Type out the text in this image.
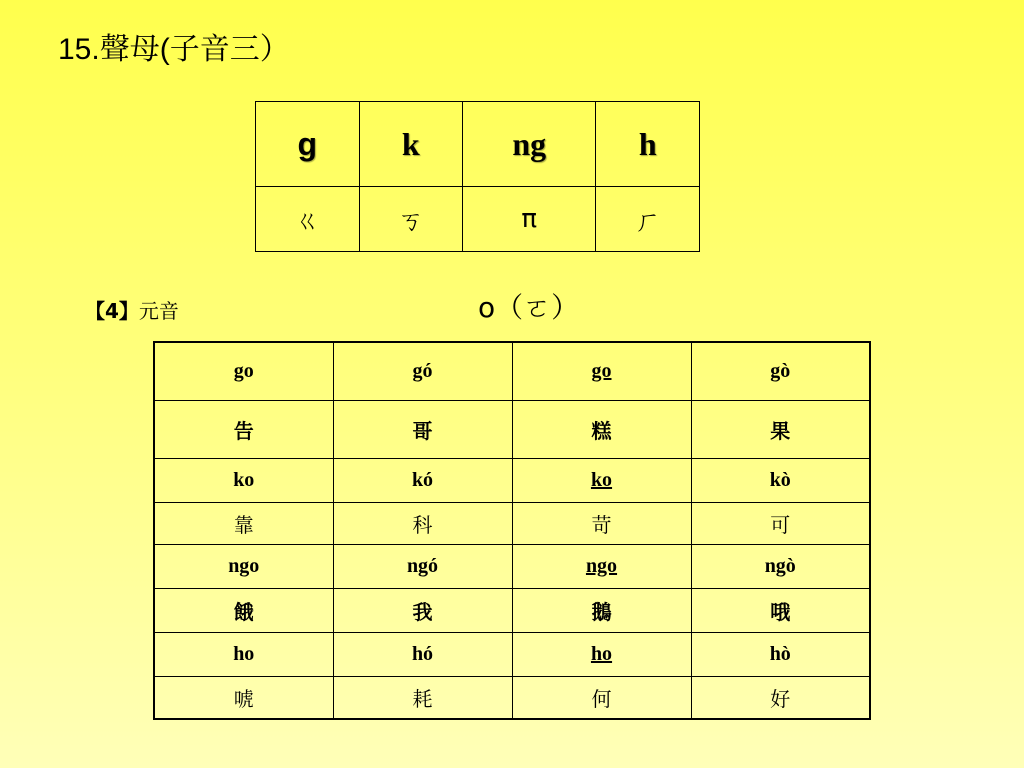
15.聲母(子音三）
g	k	ng	h
ㄍ	ㄎ	π	ㄏ
【4】元音	o（ㄛ）
go	gó	go	gò
告	哥	糕	果
ko	kó	ko	kò
靠	科	苛	可
ngo	ngó	ngo	ngò
餓	我	鵝	哦
ho	hó	ho	hò
唬	耗	何	好
